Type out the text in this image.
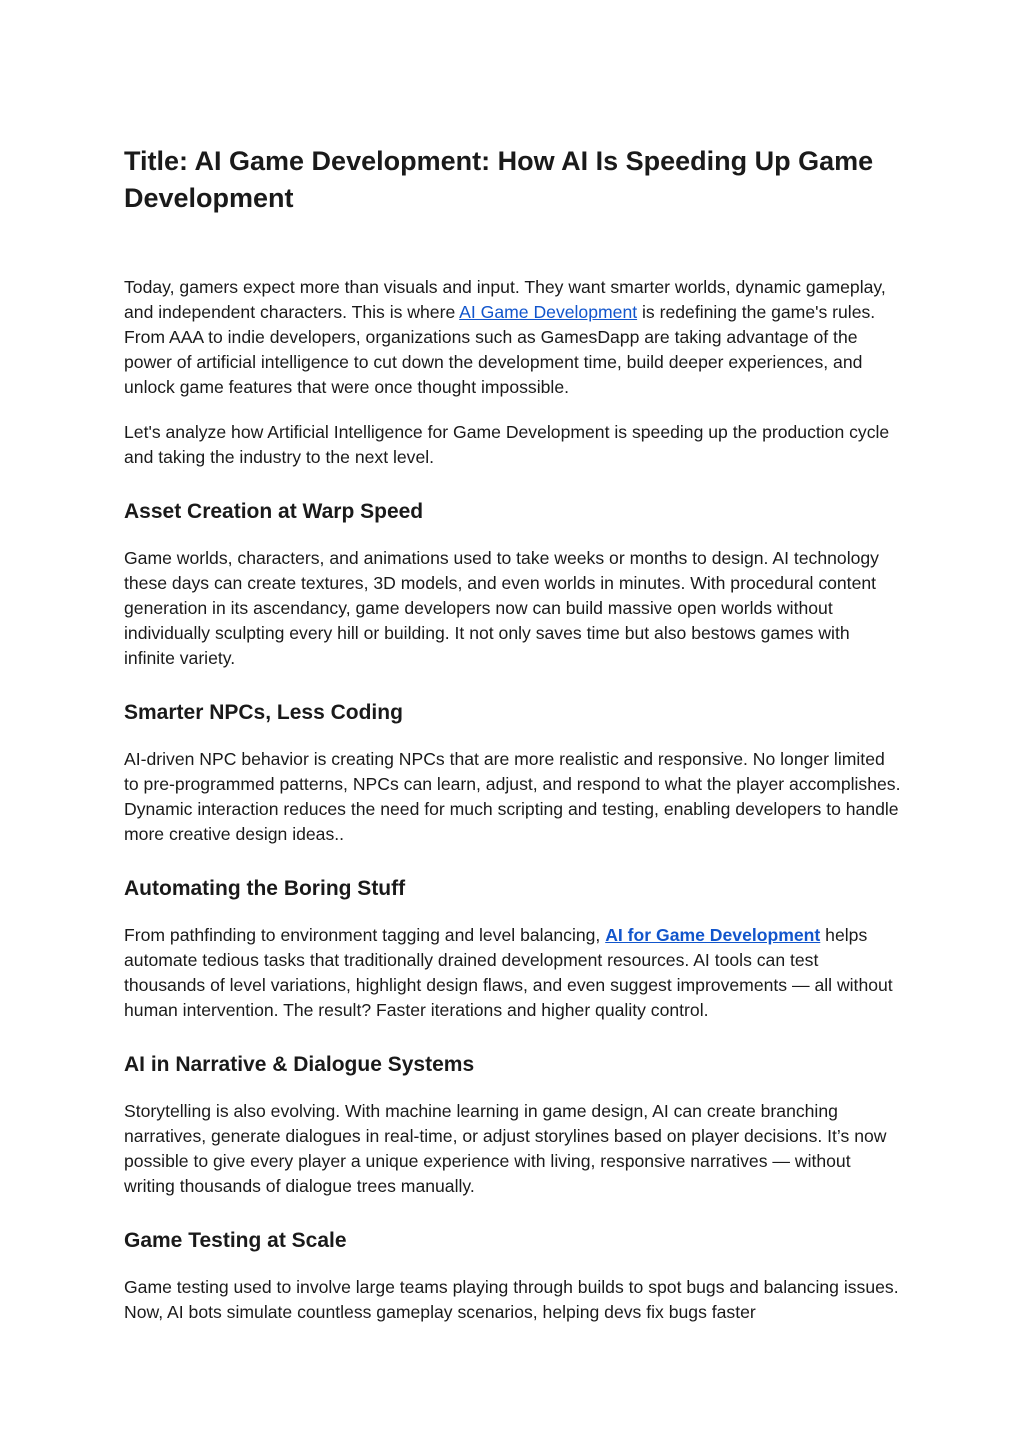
Title: AI Game Development: How AI Is Speeding Up Game Development

Today, gamers expect more than visuals and input. They want smarter worlds, dynamic gameplay, and independent characters. This is where AI Game Development is redefining the game's rules. From AAA to indie developers, organizations such as GamesDapp are taking advantage of the power of artificial intelligence to cut down the development time, build deeper experiences, and unlock game features that were once thought impossible.

Let's analyze how Artificial Intelligence for Game Development is speeding up the production cycle and taking the industry to the next level.

Asset Creation at Warp Speed

Game worlds, characters, and animations used to take weeks or months to design. AI technology these days can create textures, 3D models, and even worlds in minutes. With procedural content generation in its ascendancy, game developers now can build massive open worlds without individually sculpting every hill or building. It not only saves time but also bestows games with infinite variety.

Smarter NPCs, Less Coding

AI-driven NPC behavior is creating NPCs that are more realistic and responsive. No longer limited to pre-programmed patterns, NPCs can learn, adjust, and respond to what the player accomplishes. Dynamic interaction reduces the need for much scripting and testing, enabling developers to handle more creative design ideas..

Automating the Boring Stuff

From pathfinding to environment tagging and level balancing, AI for Game Development helps automate tedious tasks that traditionally drained development resources. AI tools can test thousands of level variations, highlight design flaws, and even suggest improvements — all without human intervention. The result? Faster iterations and higher quality control.

AI in Narrative & Dialogue Systems

Storytelling is also evolving. With machine learning in game design, AI can create branching narratives, generate dialogues in real-time, or adjust storylines based on player decisions. It’s now possible to give every player a unique experience with living, responsive narratives — without writing thousands of dialogue trees manually.

Game Testing at Scale

Game testing used to involve large teams playing through builds to spot bugs and balancing issues. Now, AI bots simulate countless gameplay scenarios, helping devs fix bugs faster
